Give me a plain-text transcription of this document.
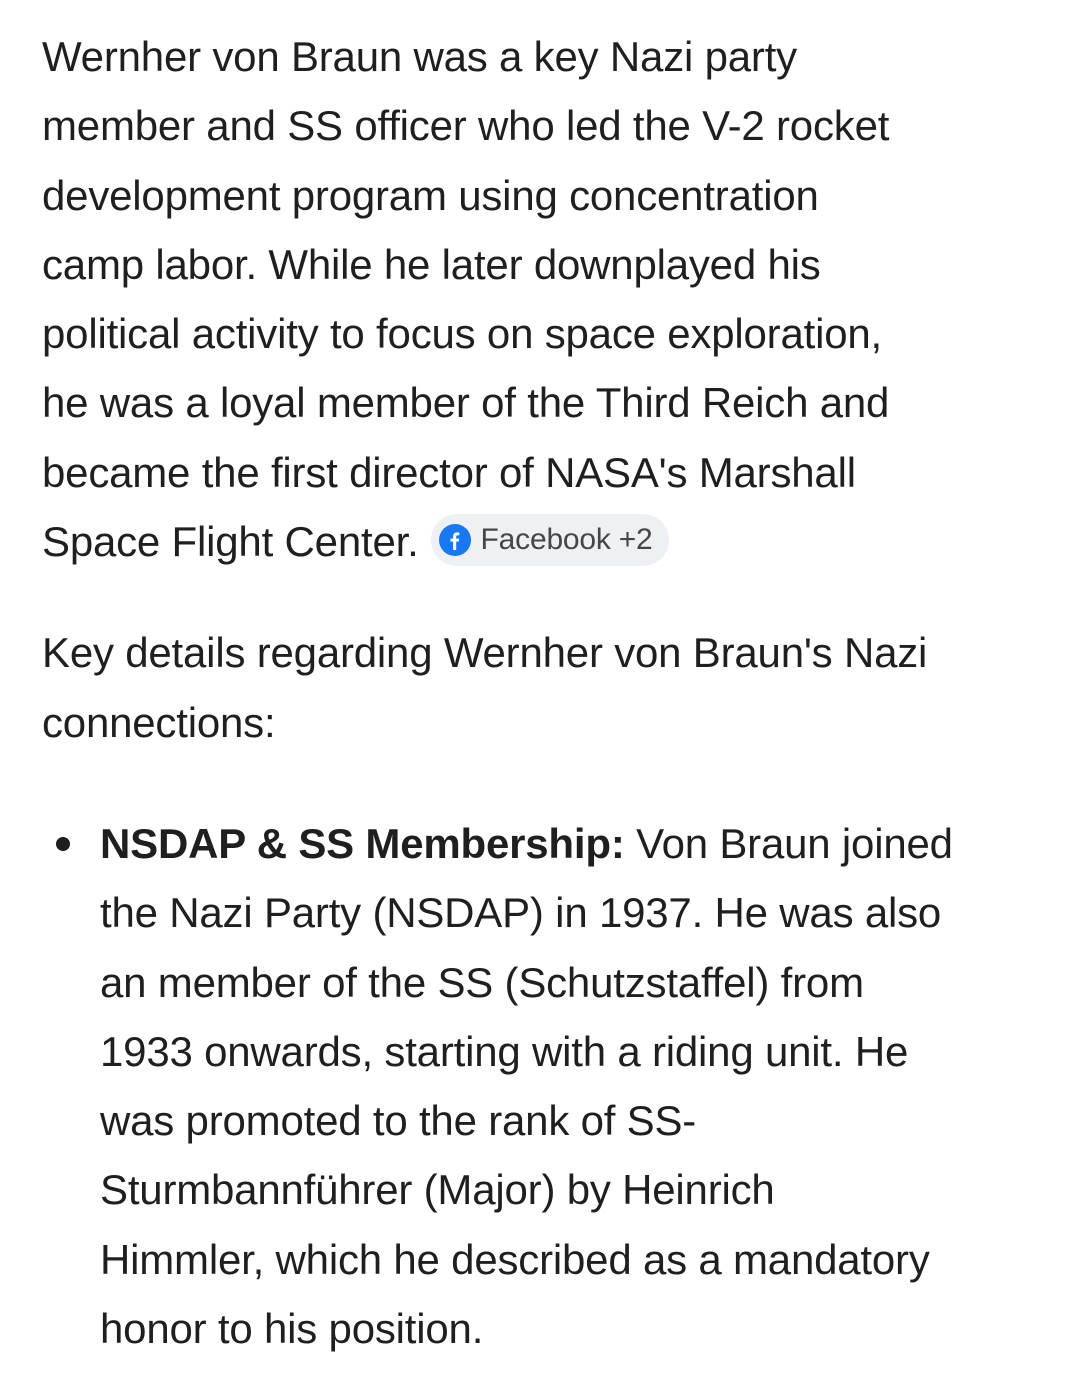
Wernher von Braun was a key Nazi party
member and SS officer who led the V-2 rocket
development program using concentration
camp labor. While he later downplayed his
political activity to focus on space exploration,
he was a loyal member of the Third Reich and
became the first director of NASA's Marshall
Space Flight Center. Facebook +2

Key details regarding Wernher von Braun's Nazi
connections:

NSDAP & SS Membership: Von Braun joined
the Nazi Party (NSDAP) in 1937. He was also
an member of the SS (Schutzstaffel) from
1933 onwards, starting with a riding unit. He
was promoted to the rank of SS-
Sturmbannführer (Major) by Heinrich
Himmler, which he described as a mandatory
honor to his position.
